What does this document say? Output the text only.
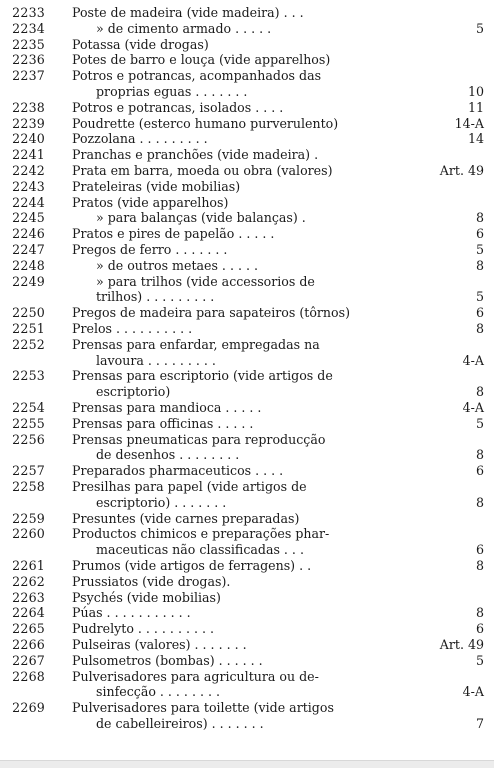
2233 Poste de madeira (vide madeira) . . .
2234	» de cimento armado . . . . .	5
2235 Potassa (vide drogas)
2236 Potes de barro e louça (vide apparelhos)
2237 Potros e potrancas, acompanhados das
proprias eguas . . . . . . .	10
2238 Potros e potrancas, isolados . . . .	11
2239 Poudrette (esterco humano purverulento)	14-A
2240 Pozzolana . . . . . . . . .	14
2241 Pranchas e pranchões (vide madeira) .
2242 Prata em barra, moeda ou obra (valores)	Art. 49
2243 Prateleiras (vide mobilias)
2244 Pratos (vide apparelhos)
2245	» para balanças (vide balanças) .	8
2246 Pratos e pires de papelão . . . . .	6
2247 Pregos de ferro . . . . . . .	5
2248	» de outros metaes . . . . .	8
2249	» para trilhos (vide accessorios de
trilhos) . . . . . . . . .	5
2250 Pregos de madeira para sapateiros (tôrnos)	6
2251 Prelos . . . . . . . . . .	8
2252 Prensas para enfardar, empregadas na
lavoura . . . . . . . . .	4-A
2253 Prensas para escriptorio (vide artigos de
escriptorio)	8
2254 Prensas para mandioca . . . . .	4-A
2255 Prensas para officinas . . . . .	5
2256 Prensas pneumaticas para reproducção
de desenhos . . . . . . . .	8
2257 Preparados pharmaceuticos . . . .	6
2258 Presilhas para papel (vide artigos de
escriptorio) . . . . . . .	8
2259 Presuntes (vide carnes preparadas)
2260 Productos chimicos e preparações phar-
maceuticas não classificadas . . .	6
2261 Prumos (vide artigos de ferragens) . .	8
2262 Prussiatos (vide drogas).
2263 Psychés (vide mobilias)
2264 Púas . . . . . . . . . . .	8
2265 Pudrelyto . . . . . . . . . .	6
2266 Pulseiras (valores) . . . . . . .	Art. 49
2267 Pulsometros (bombas) . . . . . .	5
2268 Pulverisadores para agricultura ou de-
sinfecção . . . . . . . .	4-A
2269 Pulverisadores para toilette (vide artigos
de cabelleireiros) . . . . . . .	7
